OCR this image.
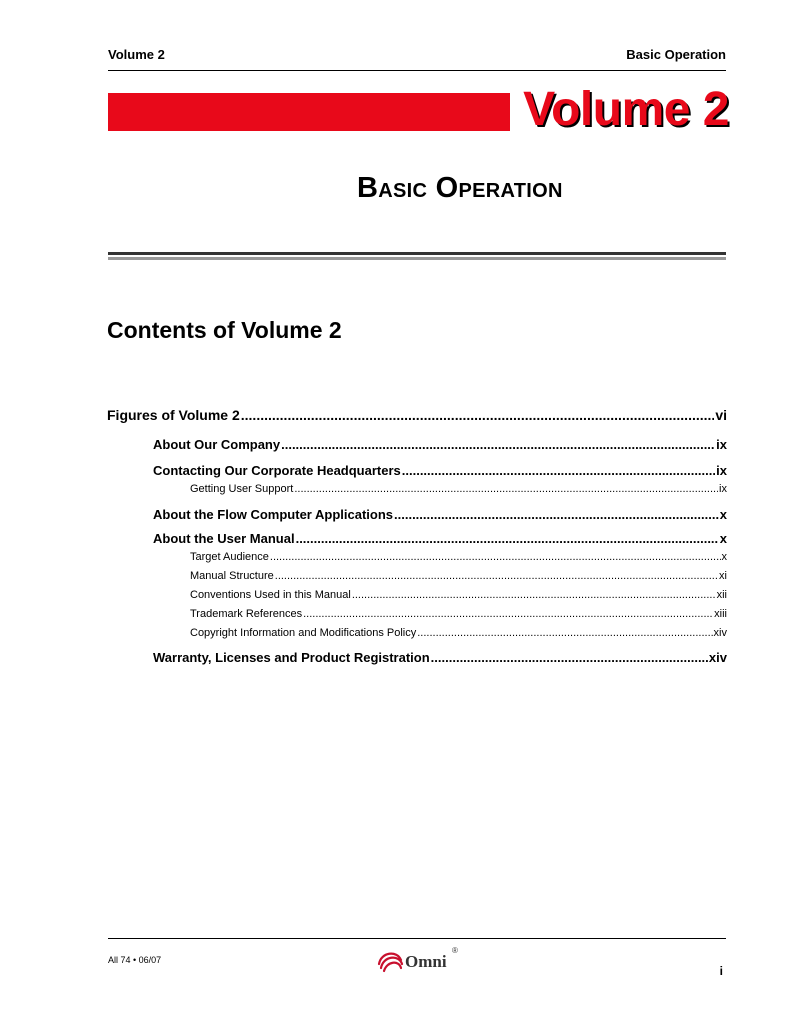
Volume 2	Basic Operation
Volume 2
Basic Operation
Contents of Volume 2
Figures of Volume 2 .....	vi
About Our Company .....	ix
Contacting Our Corporate Headquarters .....	ix
Getting User Support .....	ix
About the Flow Computer Applications .....	x
About the User Manual .....	x
Target Audience .....	x
Manual Structure .....	xi
Conventions Used in this Manual .....	xii
Trademark References .....	xiii
Copyright Information and Modifications Policy .....	xiv
Warranty, Licenses and Product Registration .....	xiv
All 74 • 06/07	Omni
®
i
